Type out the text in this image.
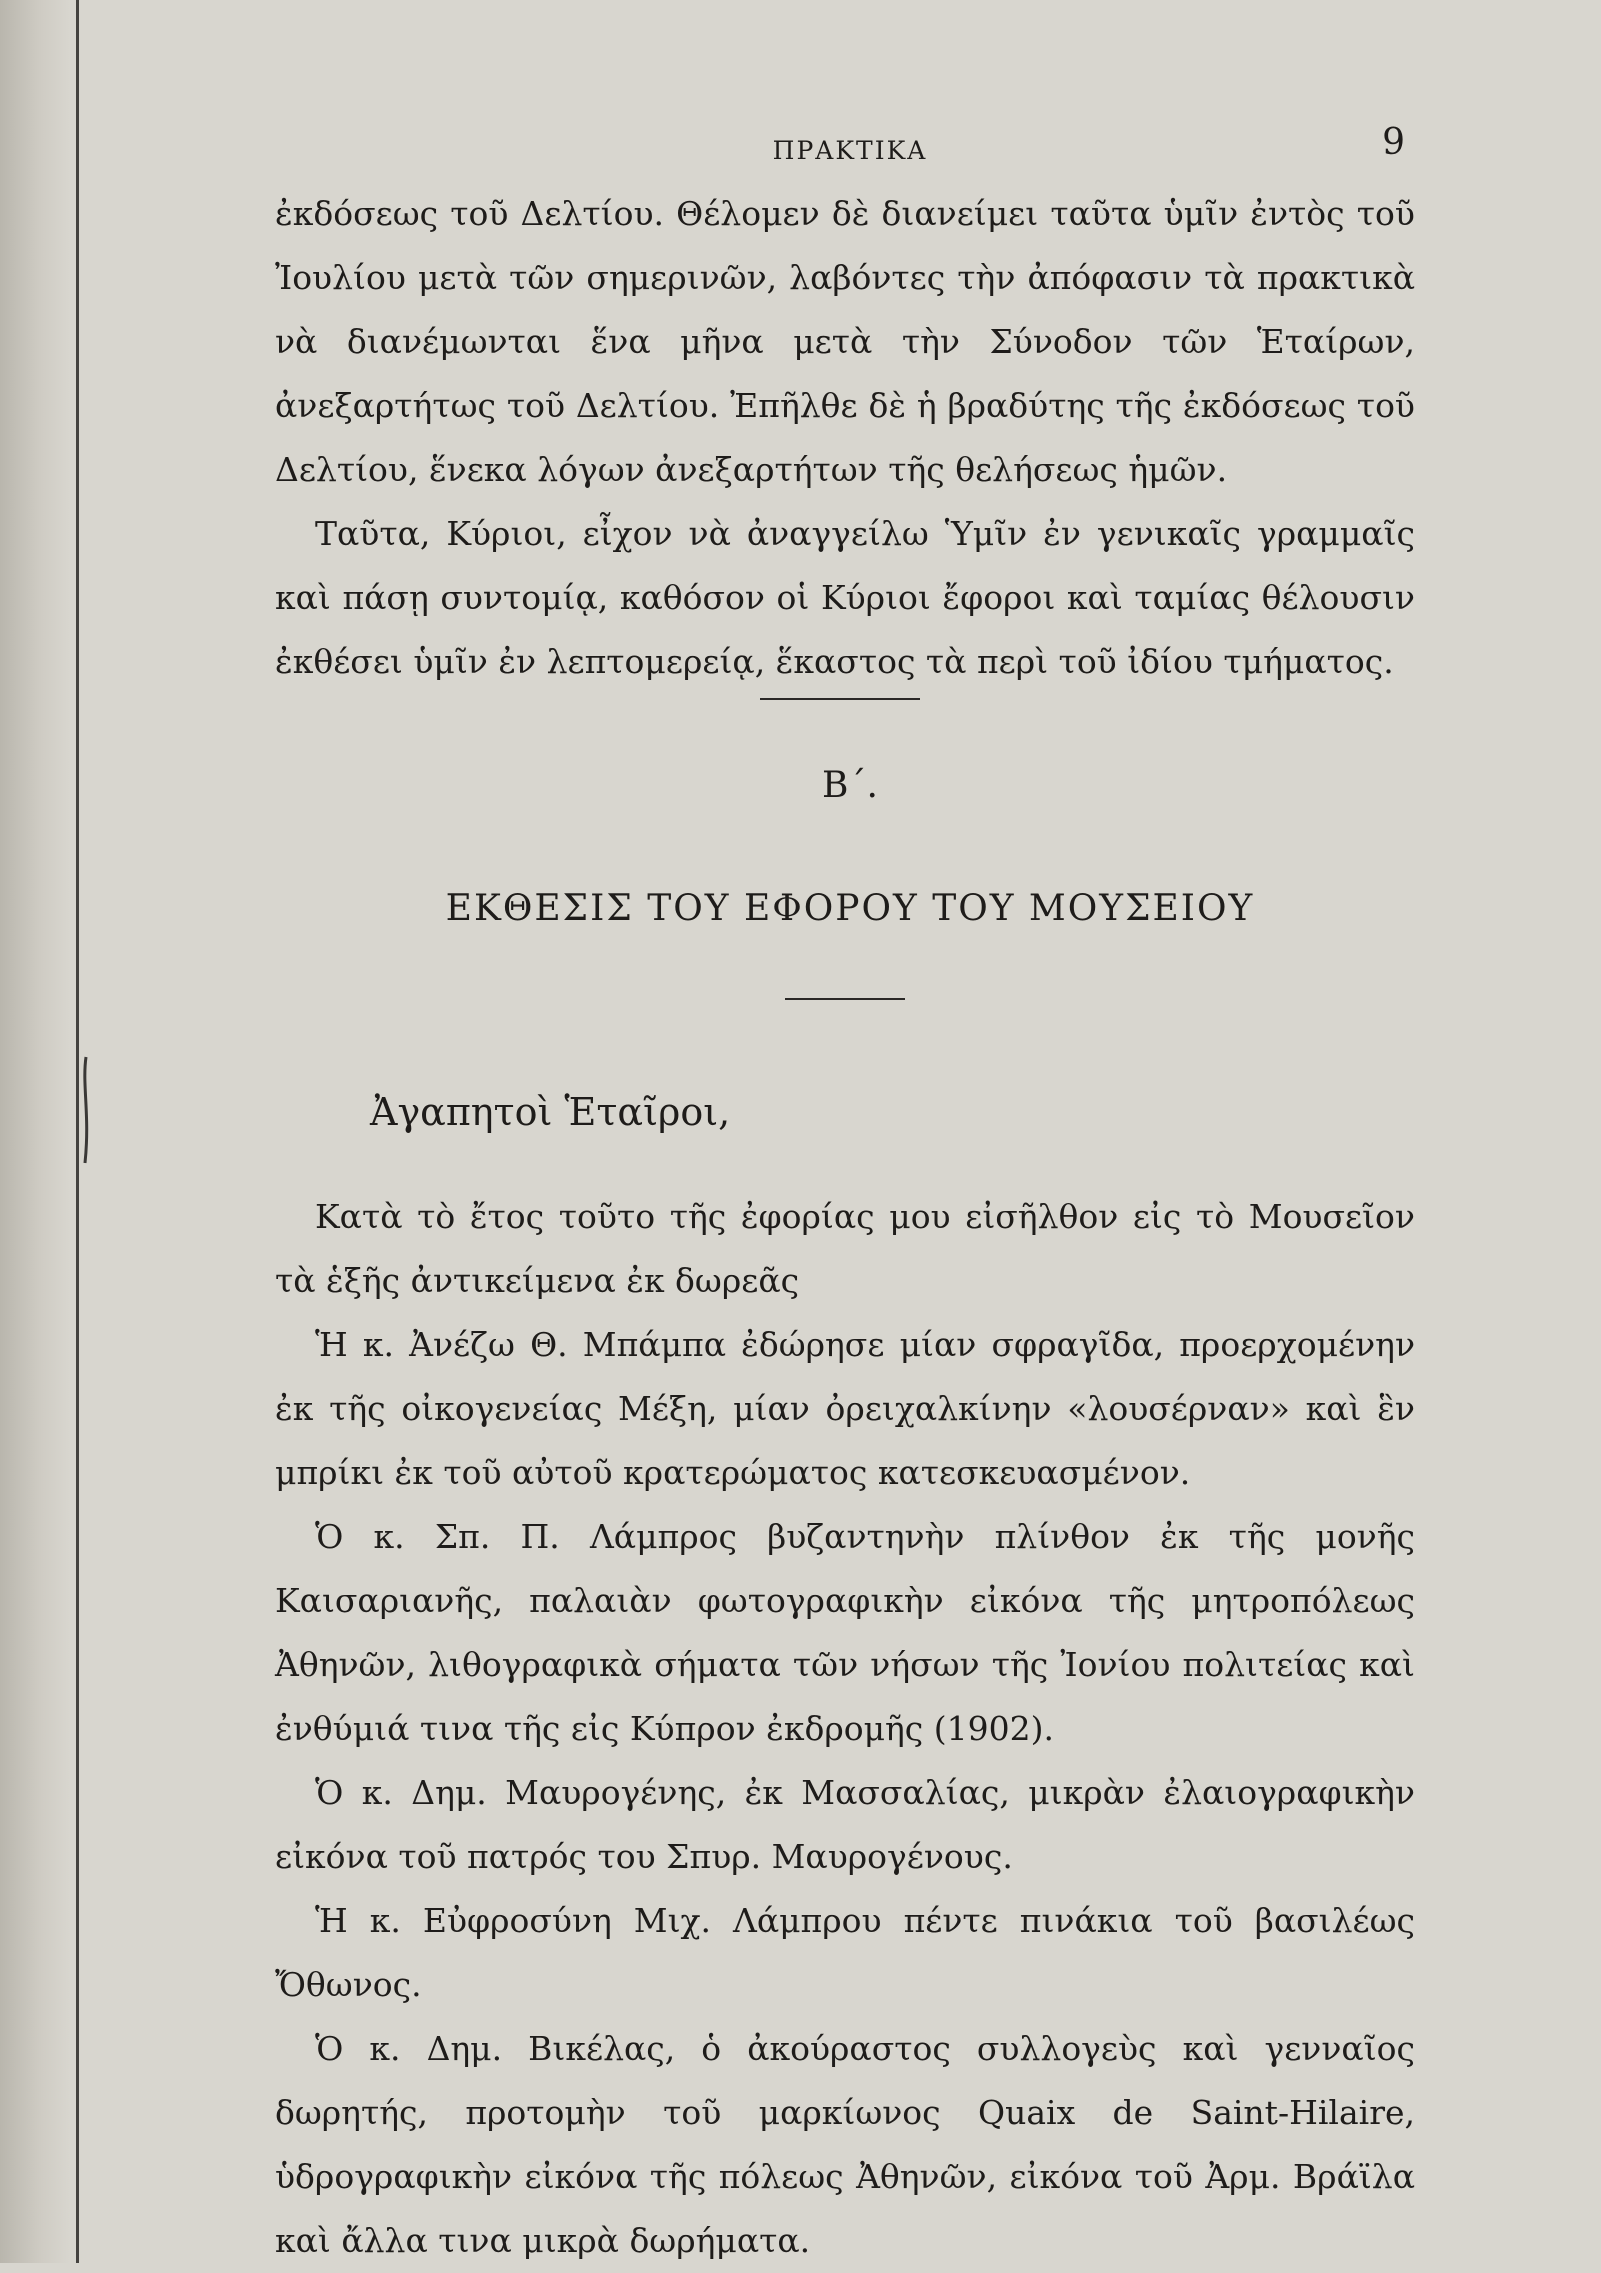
ΠΡΑΚΤΙΚΑ	9

ἐκδόσεως τοῦ Δελτίου. Θέλομεν δὲ διανείμει ταῦτα ὑμῖν ἐντὸς τοῦ Ἰουλίου μετὰ τῶν σημερινῶν, λαβόντες τὴν ἀπόφασιν τὰ πρακτικὰ νὰ διανέμωνται ἕνα μῆνα μετὰ τὴν Σύνοδον τῶν Ἑταίρων, ἀνεξαρτήτως τοῦ Δελτίου. Ἐπῆλθε δὲ ἡ βραδύτης τῆς ἐκδόσεως τοῦ Δελτίου, ἕνεκα λόγων ἀνεξαρτήτων τῆς θελήσεως ἡμῶν.

Ταῦτα, Κύριοι, εἶχον νὰ ἀναγγείλω Ὑμῖν ἐν γενικαῖς γραμμαῖς καὶ πάσῃ συντομίᾳ, καθόσον οἱ Κύριοι ἔφοροι καὶ ταμίας θέλουσιν ἐκθέσει ὑμῖν ἐν λεπτομερείᾳ, ἕκαστος τὰ περὶ τοῦ ἰδίου τμήματος.

Β΄.
ΕΚΘΕΣΙΣ ΤΟΥ ΕΦΟΡΟΥ ΤΟΥ ΜΟΥΣΕΙΟΥ
Ἀγαπητοὶ Ἑταῖροι,

Κατὰ τὸ ἔτος τοῦτο τῆς ἐφορίας μου εἰσῆλθον εἰς τὸ Μουσεῖον τὰ ἑξῆς ἀντικείμενα ἐκ δωρεᾶς

Ἡ κ. Ἀνέζω Θ. Μπάμπα ἐδώρησε μίαν σφραγῖδα, προερχομένην ἐκ τῆς οἰκογενείας Μέξη, μίαν ὀρειχαλκίνην «λουσέρναν» καὶ ἓν μπρίκι ἐκ τοῦ αὐτοῦ κρατερώματος κατεσκευασμένον.

Ὁ κ. Σπ. Π. Λάμπρος βυζαντηνὴν πλίνθον ἐκ τῆς μονῆς Καισαριανῆς, παλαιὰν φωτογραφικὴν εἰκόνα τῆς μητροπόλεως Ἀθηνῶν, λιθογραφικὰ σήματα τῶν νήσων τῆς Ἰονίου πολιτείας καὶ ἐνθύμιά τινα τῆς εἰς Κύπρον ἐκδρομῆς (1902).

Ὁ κ. Δημ. Μαυρογένης, ἐκ Μασσαλίας, μικρὰν ἐλαιογραφικὴν εἰκόνα τοῦ πατρός του Σπυρ. Μαυρογένους.

Ἡ κ. Εὐφροσύνη Μιχ. Λάμπρου πέντε πινάκια τοῦ βασιλέως Ὄθωνος.

Ὁ κ. Δημ. Βικέλας, ὁ ἀκούραστος συλλογεὺς καὶ γενναῖος δωρητής, προτομὴν τοῦ μαρκίωνος Quaix de Saint-Hilaire, ὑδρογραφικὴν εἰκόνα τῆς πόλεως Ἀθηνῶν, εἰκόνα τοῦ Ἀρμ. Βράϊλα καὶ ἄλλα τινα μικρὰ δωρήματα.
